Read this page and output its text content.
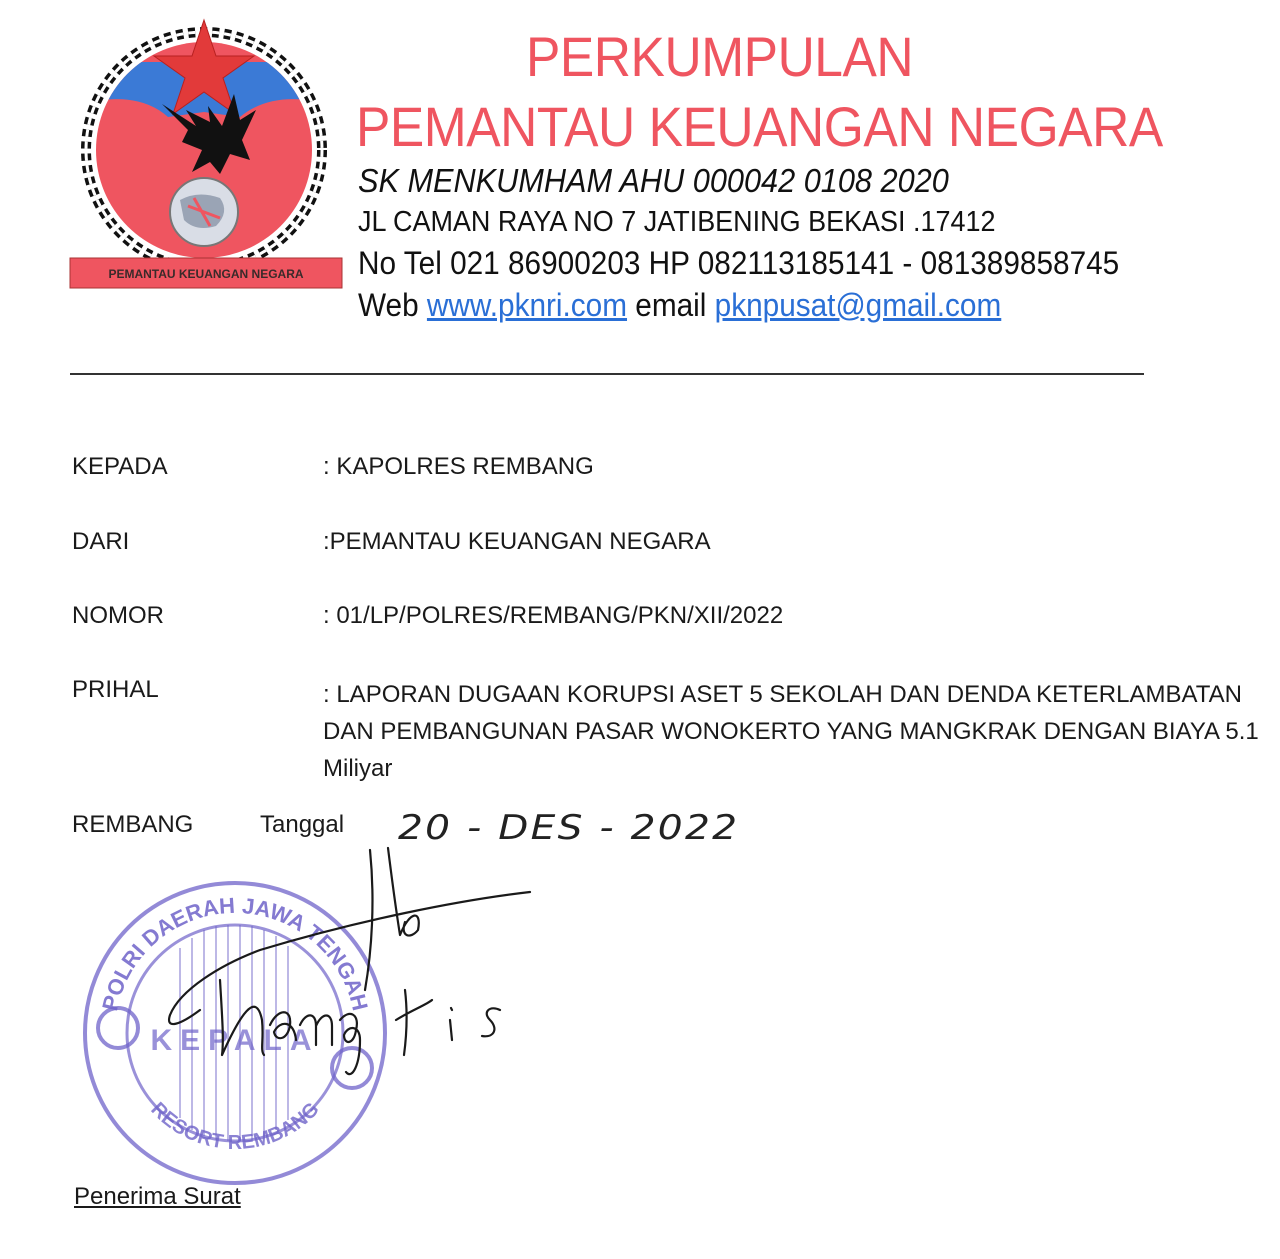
PEMANTAU KEUANGAN NEGARA
PERKUMPULAN
PEMANTAU KEUANGAN NEGARA
SK MENKUMHAM AHU 000042 0108 2020
JL CAMAN RAYA NO 7 JATIBENING BEKASI .17412
No Tel 021 86900203 HP 082113185141 - 081389858745
Web www.pknri.com email pknpusat@gmail.com
KEPADA	: KAPOLRES REMBANG
DARI	:PEMANTAU KEUANGAN NEGARA
NOMOR	: 01/LP/POLRES/REMBANG/PKN/XII/2022
PRIHAL	: LAPORAN DUGAAN KORUPSI ASET 5 SEKOLAH DAN DENDA KETERLAMBATAN DAN PEMBANGUNAN PASAR WONOKERTO YANG MANGKRAK DENGAN BIAYA 5.1 Miliyar
REMBANG	Tanggal 20 - DES - 2022
POLRI DAERAH JAWA TENGAH
KEPALA
RESORT REMBANG
Nanang Hari S
Penerima Surat
